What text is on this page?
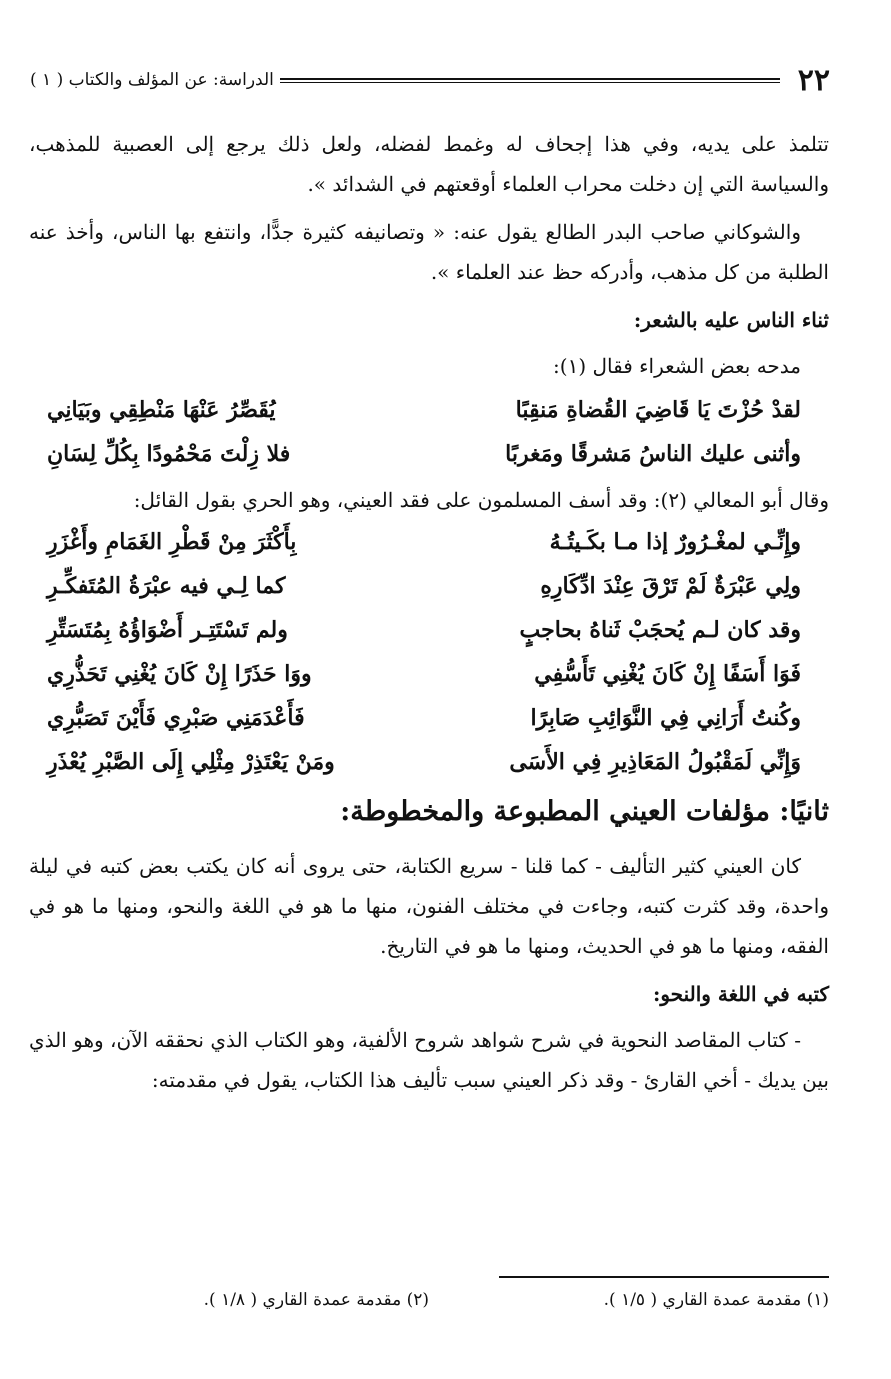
٢٢
الدراسة: عن المؤلف والكتاب ( ١ )

تتلمذ على يديه، وفي هذا إجحاف له وغمط لفضله، ولعل ذلك يرجع إلى العصبية للمذهب، والسياسة التي إن دخلت محراب العلماء أوقعتهم في الشدائد ».

والشوكاني صاحب البدر الطالع يقول عنه: « وتصانيفه كثيرة جدًّا، وانتفع بها الناس، وأخذ عنه الطلبة من كل مذهب، وأدركه حظ عند العلماء ».

ثناء الناس عليه بالشعر:

مدحه بعض الشعراء فقال (١):

لقدْ حُزْتَ يَا قَاضِيَ القُضاةِ مَنقِبًا
يُقَصِّرُ عَنْهَا مَنْطِقِي وبَيَانِي
وأثنى عليك الناسُ مَشرقًا ومَغربًا
فلا زِلْتَ مَحْمُودًا بِكُلِّ لِسَانِ

وقال أبو المعالي (٢): وقد أسف المسلمون على فقد العيني، وهو الحري بقول القائل:

وإِنِّـي لمغْـرُورٌ إذا مـا بكَـيتُـهُ
بِأَكْثَرَ مِنْ قَطْرِ الغَمَامِ وأَغْزَرِ
ولِي عَبْرَةٌ لَمْ تَرْقَ عِنْدَ ادِّكَارِهِ
كما لِـي فيه عبْرَةُ المُتَفكِّـرِ
وقد كان لـم يُحجَبْ ثَناهُ بحاجبٍ
ولم تَسْتَتِـر أَضْوَاؤُهُ بِمُتَسَتِّرِ
فَوَا أَسَفًا إِنْ كَانَ يُغْنِي تَأَسُّفِي
ووَا حَذَرًا إِنْ كَانَ يُغْنِي تَحَذُّرِي
وكُنتُ أَرَانِي فِي النَّوَائِبِ صَابِرًا
فَأَعْدَمَنِي صَبْرِي فَأَيْنَ تَصَبُّرِي
وَإِنِّي لَمَقْبُولُ المَعَاذِيرِ فِي الأَسَى
ومَنْ يَعْتَذِرْ مِثْلِي إِلَى الصَّبْرِ يُعْذَرِ
ثانيًا: مؤلفات العيني المطبوعة والمخطوطة:

كان العيني كثير التأليف - كما قلنا - سريع الكتابة، حتى يروى أنه كان يكتب بعض كتبه في ليلة واحدة، وقد كثرت كتبه، وجاءت في مختلف الفنون، منها ما هو في اللغة والنحو، ومنها ما هو في الفقه، ومنها ما هو في الحديث، ومنها ما هو في التاريخ.

كتبه في اللغة والنحو:

- كتاب المقاصد النحوية في شرح شواهد شروح الألفية، وهو الكتاب الذي نحققه الآن، وهو الذي بين يديك - أخي القارئ - وقد ذكر العيني سبب تأليف هذا الكتاب، يقول في مقدمته:

(١) مقدمة عمدة القاري ( ١/٥ ).
(٢) مقدمة عمدة القاري ( ١/٨ ).
